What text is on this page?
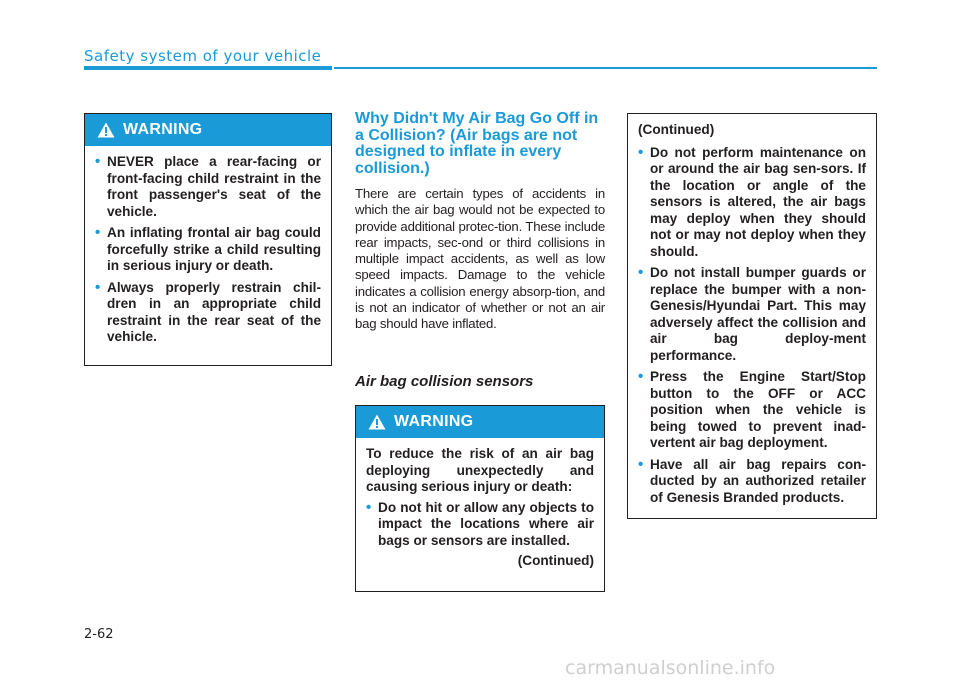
Safety system of your vehicle
WARNING
• NEVER place a rear-facing or front-facing child restraint in the front passenger's seat of the vehicle.
• An inflating frontal air bag could forcefully strike a child resulting in serious injury or death.
• Always properly restrain chil-dren in an appropriate child restraint in the rear seat of the vehicle.
Why Didn't My Air Bag Go Off in a Collision? (Air bags are not designed to inflate in every collision.)
There are certain types of accidents in which the air bag would not be expected to provide additional protec-tion. These include rear impacts, sec-ond or third collisions in multiple impact accidents, as well as low speed impacts. Damage to the vehicle indicates a collision energy absorp-tion, and is not an indicator of whether or not an air bag should have inflated.
Air bag collision sensors
WARNING
To reduce the risk of an air bag deploying unexpectedly and causing serious injury or death:
• Do not hit or allow any objects to impact the locations where air bags or sensors are installed.
(Continued)
(Continued)
• Do not perform maintenance on or around the air bag sen-sors. If the location or angle of the sensors is altered, the air bags may deploy when they should not or may not deploy when they should.
• Do not install bumper guards or replace the bumper with a non-Genesis/Hyundai Part. This may adversely affect the collision and air bag deploy-ment performance.
• Press the Engine Start/Stop button to the OFF or ACC position when the vehicle is being towed to prevent inad-vertent air bag deployment.
• Have all air bag repairs con-ducted by an authorized retailer of Genesis Branded products.
2-62
carmanualsonline.info
